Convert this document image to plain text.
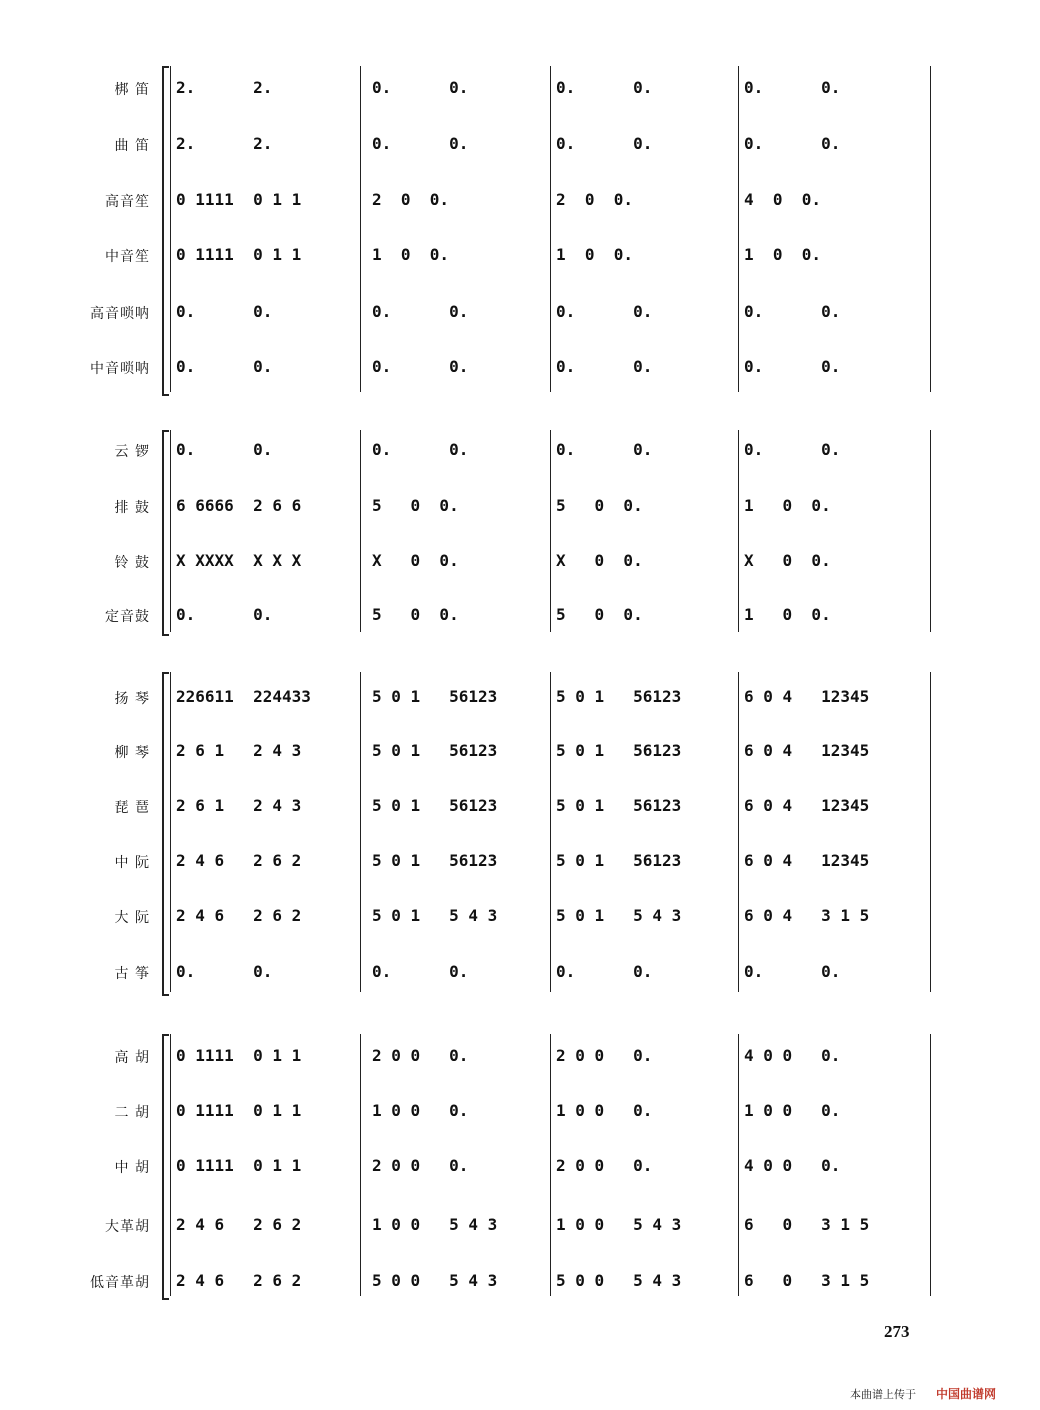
梆 笛 2.      2.	0.      0.	0.      0.	0.      0.
曲 笛 2.      2.	0.      0.	0.      0.	0.      0.
高音笙 0 1111  0 1 1	2  0  0.	2  0  0.	4  0  0.
中音笙 0 1111  0 1 1	1  0  0.	1  0  0.	1  0  0.
高音唢呐 0.      0.	0.      0.	0.      0.	0.      0.
中音唢呐 0.      0.	0.      0.	0.      0.	0.      0.
云 锣 0.      0.	0.      0.	0.      0.	0.      0.
排 鼓 6 6666  2 6 6	5   0  0.	5   0  0.	1   0  0.
铃 鼓 X XXXX  X X X	X   0  0.	X   0  0.	X   0  0.
定音鼓 0.      0.	5   0  0.	5   0  0.	1   0  0.
扬 琴 226611  224433	5 0 1   56123	5 0 1   56123	6 0 4   12345
柳 琴 2 6 1   2 4 3	5 0 1   56123	5 0 1   56123	6 0 4   12345
琵 琶 2 6 1   2 4 3	5 0 1   56123	5 0 1   56123	6 0 4   12345
中 阮 2 4 6   2 6 2	5 0 1   56123	5 0 1   56123	6 0 4   12345
大 阮 2 4 6   2 6 2	5 0 1   5 4 3	5 0 1   5 4 3	6 0 4   3 1 5
古 筝 0.      0.	0.      0.	0.      0.	0.      0.
高 胡 0 1111  0 1 1	2 0 0   0.	2 0 0   0.	4 0 0   0.
二 胡 0 1111  0 1 1	1 0 0   0.	1 0 0   0.	1 0 0   0.
中 胡 0 1111  0 1 1	2 0 0   0.	2 0 0   0.	4 0 0   0.
大革胡 2 4 6   2 6 2	1 0 0   5 4 3	1 0 0   5 4 3	6   0   3 1 5
低音革胡 2 4 6   2 6 2	5 0 0   5 4 3	5 0 0   5 4 3	6   0   3 1 5
273
本曲谱上传于 中国曲谱网
